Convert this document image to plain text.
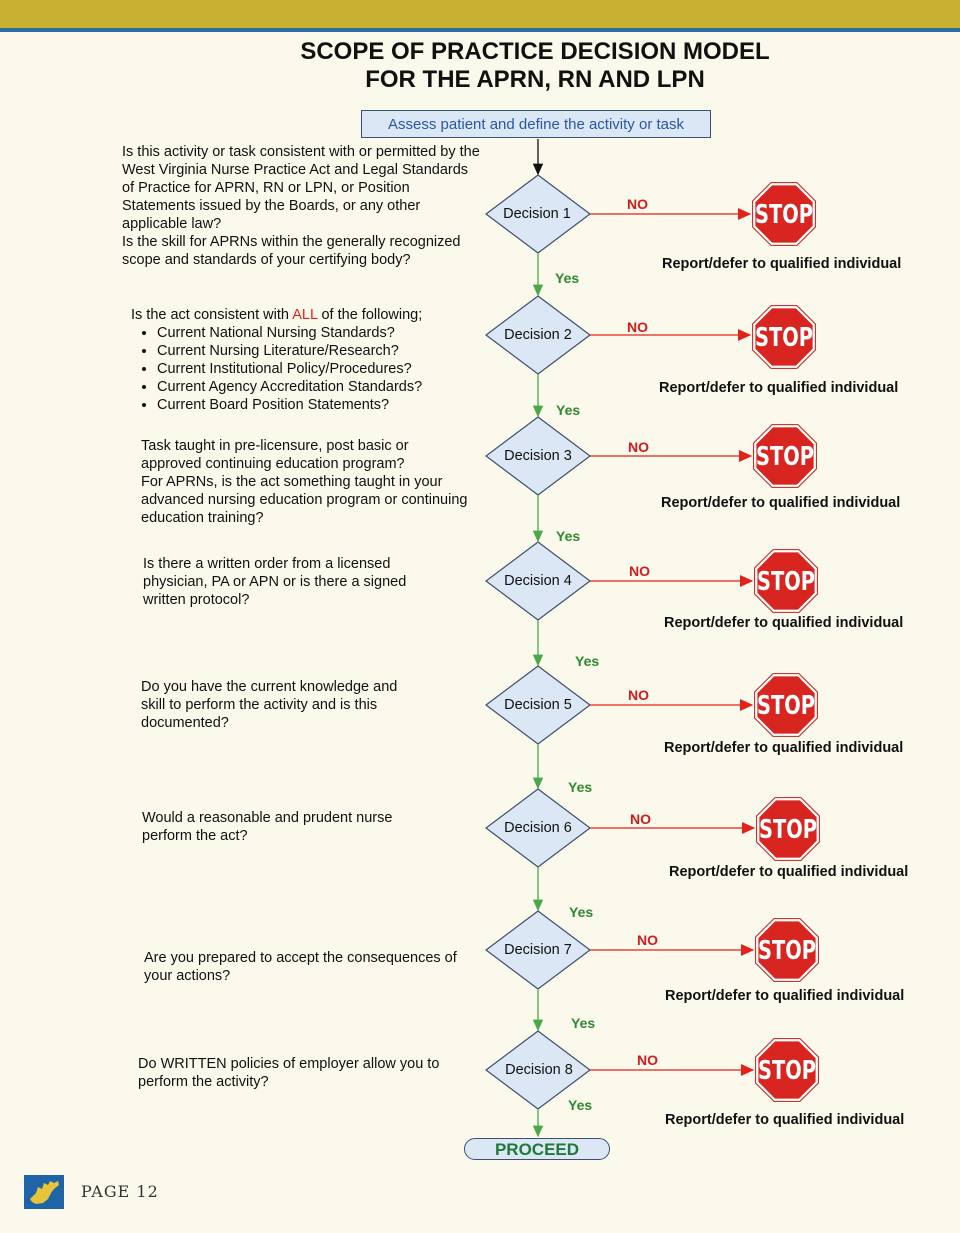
SCOPE OF PRACTICE DECISION MODEL
FOR THE APRN, RN AND LPN
Assess patient and define the activity or task
Is this activity or task consistent with or permitted by the West Virginia Nurse Practice Act and Legal Standards of Practice for APRN, RN or LPN, or Position Statements issued by the Boards, or any other applicable law?
Is the skill for APRNs within the generally recognized scope and standards of your certifying body?
Is the act consistent with ALL of the following;
• Current National Nursing Standards?
• Current Nursing Literature/Research?
• Current Institutional Policy/Procedures?
• Current Agency Accreditation Standards?
• Current Board Position Statements?
Task taught in pre-licensure, post basic or approved continuing education program?
For APRNs, is the act something taught in your advanced nursing education program or continuing education training?
Is there a written order from a licensed physician, PA or APN or is there a signed written protocol?
Do you have the current knowledge and skill to perform the activity and is this documented?
Would a reasonable and prudent nurse perform the act?
Are you prepared to accept the consequences of your actions?
Do WRITTEN policies of employer allow you to perform the activity?
STOP
STOP
STOP
STOP
STOP
STOP
STOP
STOP
Decision 1
Decision 2
Decision 3
Decision 4
Decision 5
Decision 6
Decision 7
Decision 8
NO
NO
NO
NO
NO
NO
NO
NO
Yes
Yes
Yes
Yes
Yes
Yes
Yes
Yes
Report/defer to qualified individual
Report/defer to qualified individual
Report/defer to qualified individual
Report/defer to qualified individual
Report/defer to qualified individual
Report/defer to qualified individual
Report/defer to qualified individual
Report/defer to qualified individual
PROCEED
PAGE 12
